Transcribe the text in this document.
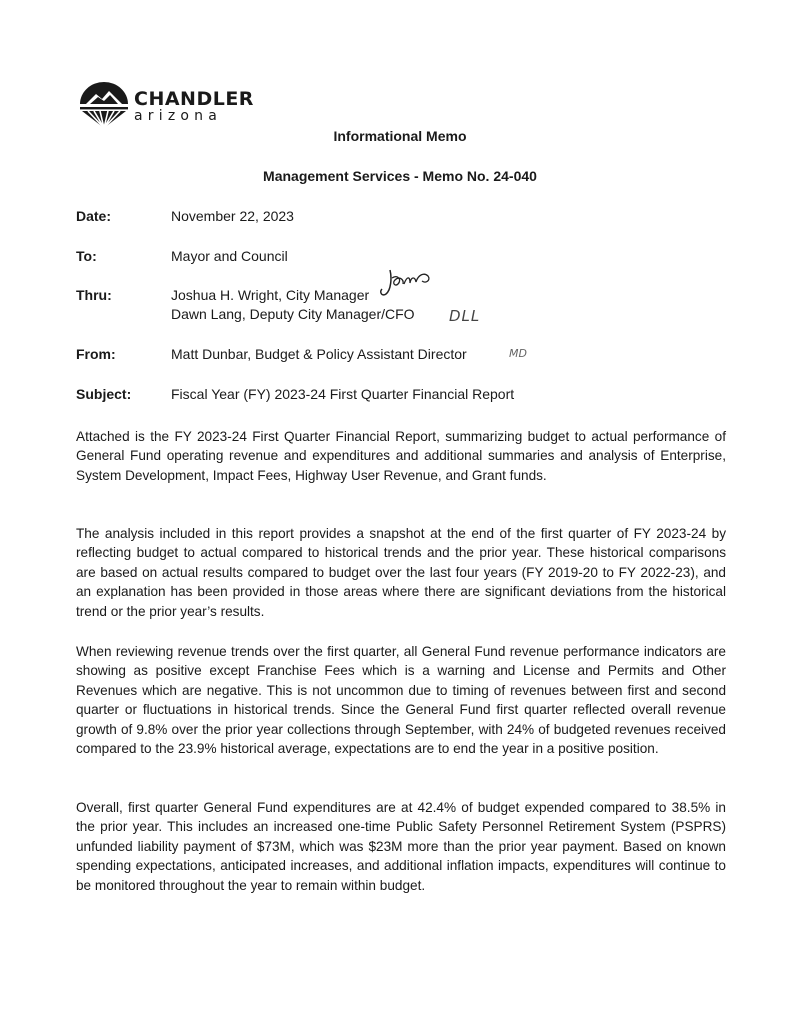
CHANDLER
arizona
Informational Memo
Management Services - Memo No. 24-040
Date:	November 22, 2023
To:	Mayor and Council
Thru:	Joshua H. Wright, City Manager
Dawn Lang, Deputy City Manager/CFO DLL
From:	Matt Dunbar, Budget & Policy Assistant Director	MD
Subject:	Fiscal Year (FY) 2023-24 First Quarter Financial Report

Attached is the FY 2023-24 First Quarter Financial Report, summarizing budget to actual performance of General Fund operating revenue and expenditures and additional summaries and analysis of Enterprise, System Development, Impact Fees, Highway User Revenue, and Grant funds.

The analysis included in this report provides a snapshot at the end of the first quarter of FY 2023-24 by reflecting budget to actual compared to historical trends and the prior year. These historical comparisons are based on actual results compared to budget over the last four years (FY 2019-20 to FY 2022-23), and an explanation has been provided in those areas where there are significant deviations from the historical trend or the prior year’s results.

When reviewing revenue trends over the first quarter, all General Fund revenue performance indicators are showing as positive except Franchise Fees which is a warning and License and Permits and Other Revenues which are negative. This is not uncommon due to timing of revenues between first and second quarter or fluctuations in historical trends. Since the General Fund first quarter reflected overall revenue growth of 9.8% over the prior year collections through September, with 24% of budgeted revenues received compared to the 23.9% historical average, expectations are to end the year in a positive position.

Overall, first quarter General Fund expenditures are at 42.4% of budget expended compared to 38.5% in the prior year. This includes an increased one-time Public Safety Personnel Retirement System (PSPRS) unfunded liability payment of $73M, which was $23M more than the prior year payment. Based on known spending expectations, anticipated increases, and additional inflation impacts, expenditures will continue to be monitored throughout the year to remain within budget.
